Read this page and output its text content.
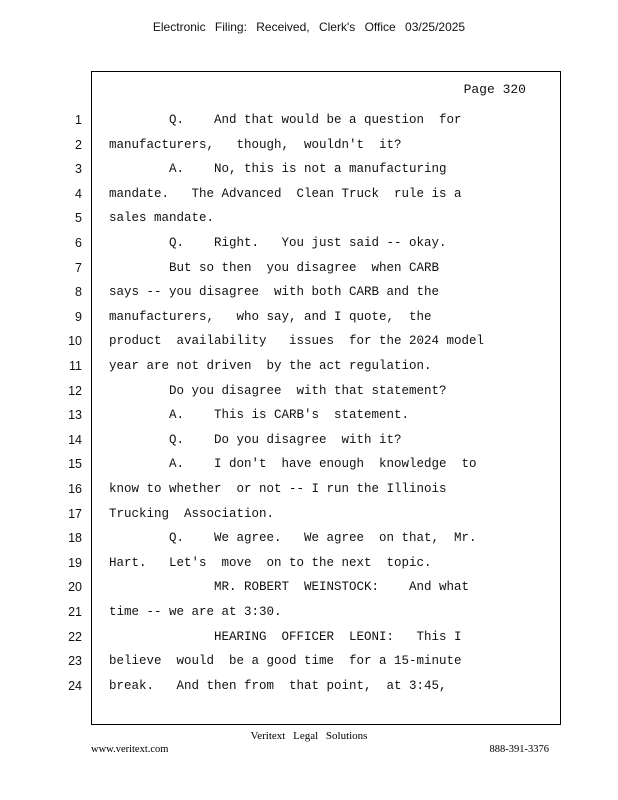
Electronic Filing: Received, Clerk's Office 03/25/2025
Page 320
1 Q.    And that would be a question  for
2 manufacturers,   though,  wouldn't  it?
3 A.    No, this is not a manufacturing
4 mandate.   The Advanced  Clean Truck  rule is a
5 sales mandate.
6 Q.    Right.   You just said -- okay.
7 But so then  you disagree  when CARB
8 says -- you disagree  with both CARB and the
9 manufacturers,   who say, and I quote,  the
10 product  availability   issues  for the 2024 model
11 year are not driven  by the act regulation.
12 Do you disagree  with that statement?
13 A.    This is CARB's  statement.
14 Q.    Do you disagree  with it?
15 A.    I don't  have enough  knowledge  to
16 know to whether  or not -- I run the Illinois
17 Trucking  Association.
18 Q.    We agree.   We agree  on that,  Mr.
19 Hart.   Let's  move  on to the next  topic.
20 MR. ROBERT  WEINSTOCK:    And what
21 time -- we are at 3:30.
22 HEARING  OFFICER  LEONI:   This I
23 believe  would  be a good time  for a 15-minute
24 break.   And then from  that point,  at 3:45,
Veritext Legal Solutions
www.veritext.com	888-391-3376
